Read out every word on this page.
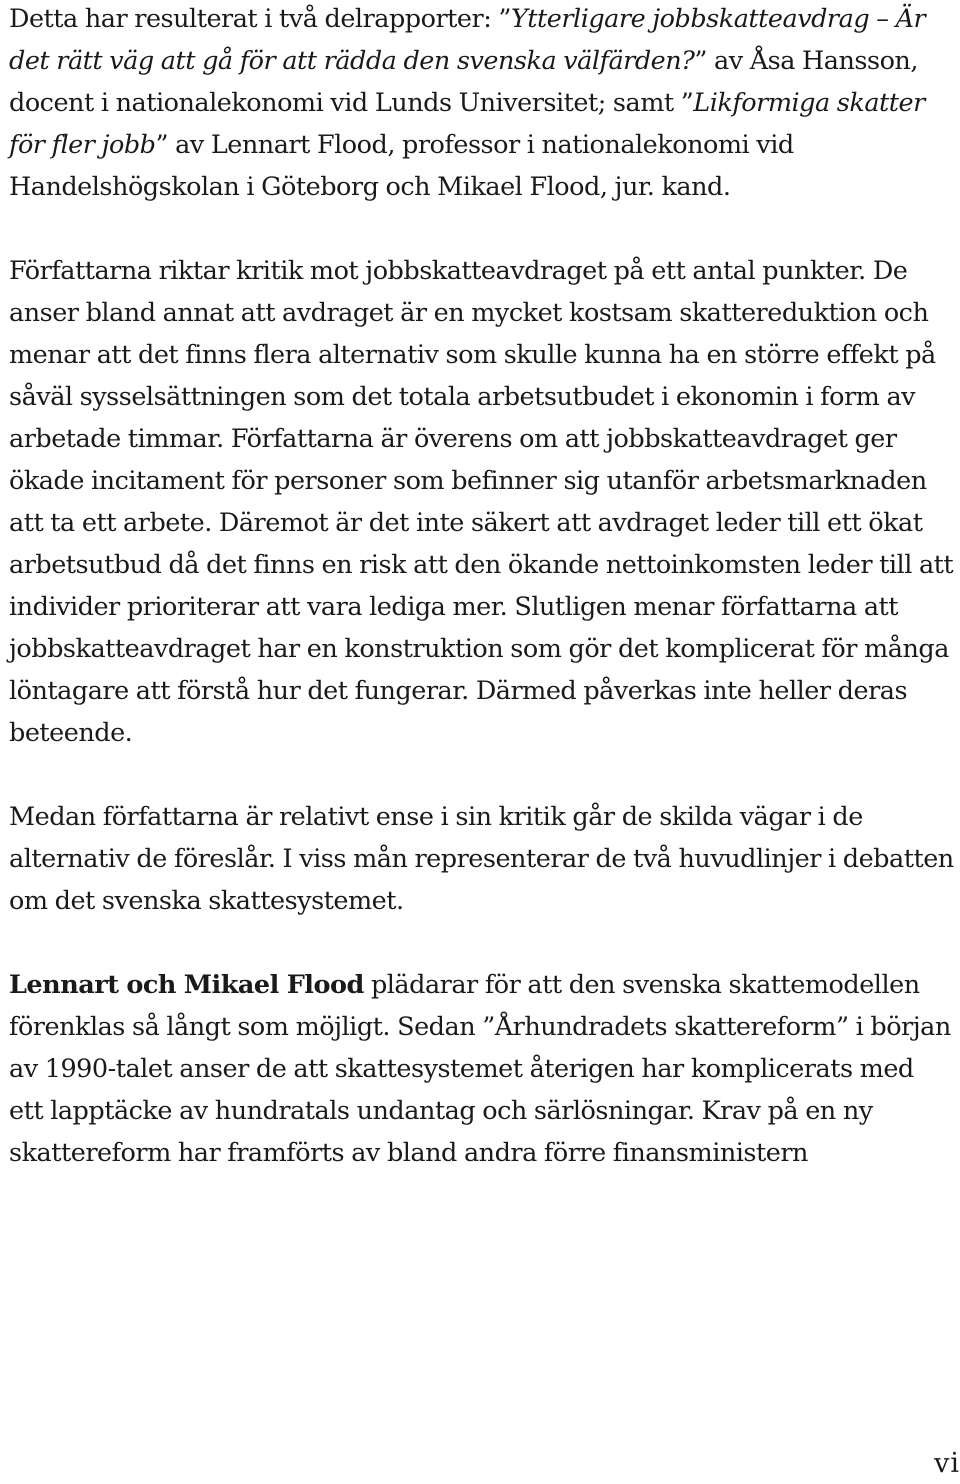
Detta har resulterat i två delrapporter: ”Ytterligare jobbskatteavdrag – Är det rätt väg att gå för att rädda den svenska välfärden?” av Åsa Hansson, docent i nationalekonomi vid Lunds Universitet; samt ”Likformiga skatter för fler jobb” av Lennart Flood, professor i nationalekonomi vid Handelshögskolan i Göteborg och Mikael Flood, jur. kand.

Författarna riktar kritik mot jobbskatteavdraget på ett antal punkter. De anser bland annat att avdraget är en mycket kostsam skattereduktion och menar att det finns flera alternativ som skulle kunna ha en större effekt på såväl sysselsättningen som det totala arbetsutbudet i ekonomin i form av arbetade timmar. Författarna är överens om att jobbskatteavdraget ger ökade incitament för personer som befinner sig utanför arbetsmarknaden att ta ett arbete. Däremot är det inte säkert att avdraget leder till ett ökat arbetsutbud då det finns en risk att den ökande nettoinkomsten leder till att individer prioriterar att vara lediga mer. Slutligen menar författarna att jobbskatteavdraget har en konstruktion som gör det komplicerat för många löntagare att förstå hur det fungerar. Därmed påverkas inte heller deras beteende.

Medan författarna är relativt ense i sin kritik går de skilda vägar i de alternativ de föreslår. I viss mån representerar de två huvudlinjer i debatten om det svenska skattesystemet.

Lennart och Mikael Flood plädarar för att den svenska skattemodellen förenklas så långt som möjligt. Sedan ”Århundradets skattereform” i början av 1990-talet anser de att skattesystemet återigen har komplicerats med ett lapptäcke av hundratals undantag och särlösningar. Krav på en ny skattereform har framförts av bland andra förre finansministern

vi
